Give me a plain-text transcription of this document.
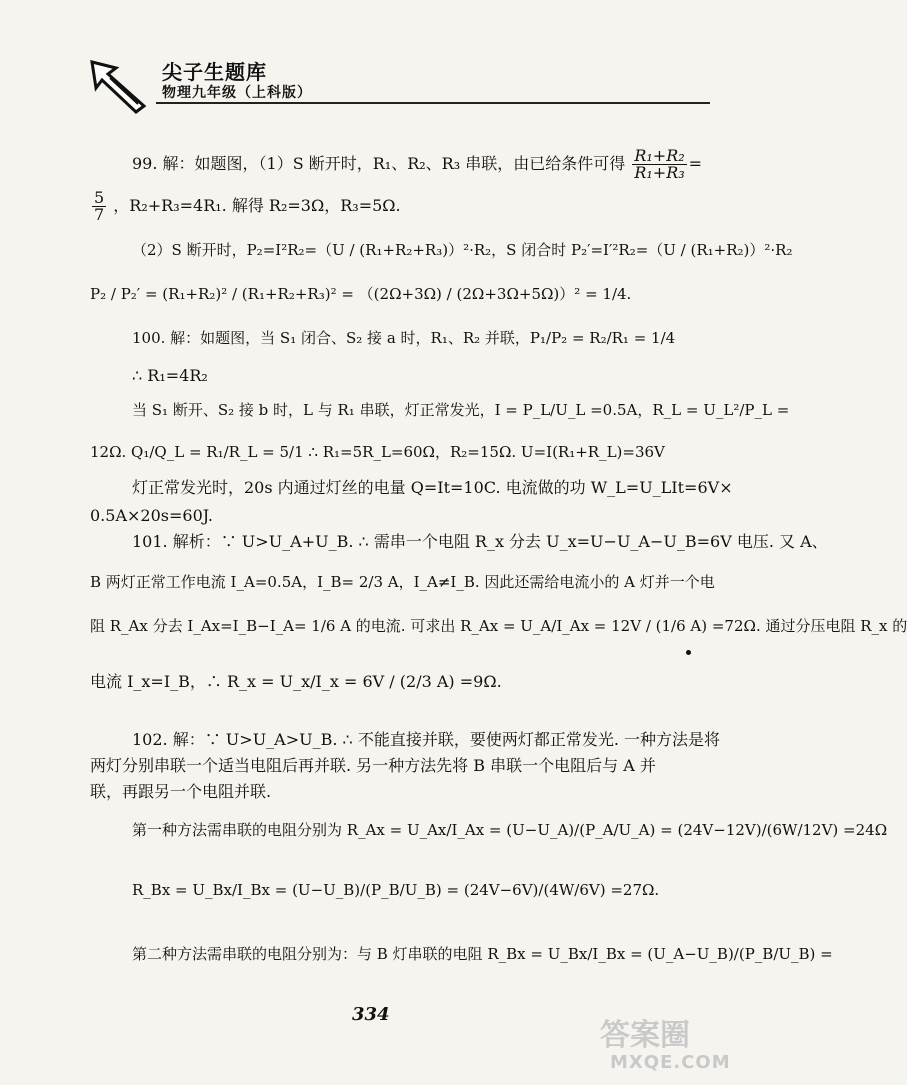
尖子生题库
物理九年级（上科版）
99. 解：如题图，（1）S 断开时，R₁、R₂、R₃ 串联，由已给条件可得 $\frac{\text{R₁+R₂}}{\text{R₁+R₃}}$ =
$\frac{5}{7}$ ，R₂+R₃=4R₁. 解得 R₂=3Ω，R₃=5Ω.
（2）S 断开时，P₂=I²R₂=（U / (R₁+R₂+R₃)）²·R₂，S 闭合时 P₂′=I′²R₂=（U / (R₁+R₂)）²·R₂
P₂ / P₂′ = (R₁+R₂)² / (R₁+R₂+R₃)² = （(2Ω+3Ω) / (2Ω+3Ω+5Ω)）² = 1/4.
100. 解：如题图，当 S₁ 闭合、S₂ 接 a 时，R₁、R₂ 并联，P₁/P₂ = R₂/R₁ = 1/4
∴ R₁=4R₂
当 S₁ 断开、S₂ 接 b 时，L 与 R₁ 串联，灯正常发光，I = P_L/U_L =0.5A，R_L = U_L²/P_L =
12Ω. Q₁/Q_L = R₁/R_L = 5/1 ∴ R₁=5R_L=60Ω，R₂=15Ω. U=I(R₁+R_L)=36V
灯正常发光时，20s 内通过灯丝的电量 Q=It=10C. 电流做的功 W_L=U_LIt=6V×
0.5A×20s=60J.
101. 解析：∵ U>U_A+U_B. ∴ 需串一个电阻 R_x 分去 U_x=U−U_A−U_B=6V 电压. 又 A、
B 两灯正常工作电流 I_A=0.5A，I_B= 2/3 A，I_A≠I_B. 因此还需给电流小的 A 灯并一个电
阻 R_Ax 分去 I_Ax=I_B−I_A= 1/6 A 的电流. 可求出 R_Ax = U_A/I_Ax = 12V / (1/6 A) =72Ω. 通过分压电阻 R_x 的
电流 I_x=I_B，∴ R_x = U_x/I_x = 6V / (2/3 A) =9Ω.
102. 解：∵ U>U_A>U_B. ∴ 不能直接并联，要使两灯都正常发光. 一种方法是将
两灯分别串联一个适当电阻后再并联. 另一种方法先将 B 串联一个电阻后与 A 并
联，再跟另一个电阻并联.
第一种方法需串联的电阻分别为 R_Ax = U_Ax/I_Ax = (U−U_A)/(P_A/U_A) = (24V−12V)/(6W/12V) =24Ω
R_Bx = U_Bx/I_Bx = (U−U_B)/(P_B/U_B) = (24V−6V)/(4W/6V) =27Ω.
第二种方法需串联的电阻分别为：与 B 灯串联的电阻 R_Bx = U_Bx/I_Bx = (U_A−U_B)/(P_B/U_B) =
334
答案圈
MXQE.COM
